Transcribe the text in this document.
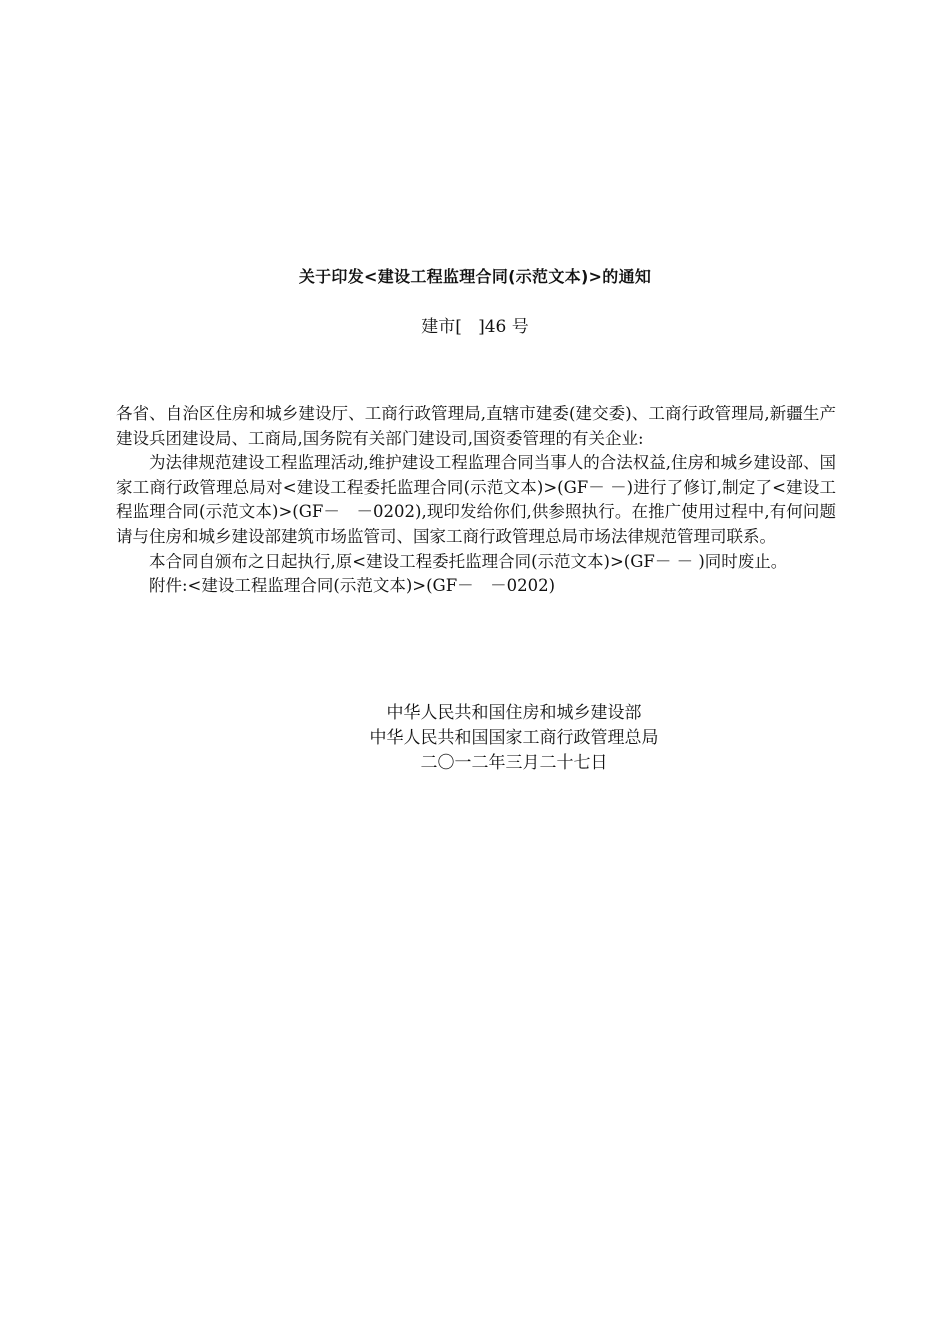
关于印发<建设工程监理合同(示范文本)>的通知
建市[   ]46 号

各省、自治区住房和城乡建设厅、工商行政管理局,直辖市建委(建交委)、工商行政管理局,新疆生产建设兵团建设局、工商局,国务院有关部门建设司,国资委管理的有关企业:

为法律规范建设工程监理活动,维护建设工程监理合同当事人的合法权益,住房和城乡建设部、国家工商行政管理总局对<建设工程委托监理合同(示范文本)>(GF－ －)进行了修订,制定了<建设工程监理合同(示范文本)>(GF－　－0202),现印发给你们,供参照执行。在推广使用过程中,有何问题请与住房和城乡建设部建筑市场监管司、国家工商行政管理总局市场法律规范管理司联系。

本合同自颁布之日起执行,原<建设工程委托监理合同(示范文本)>(GF－ － )同时废止。

附件:<建设工程监理合同(示范文本)>(GF－　－0202)

中华人民共和国住房和城乡建设部
中华人民共和国国家工商行政管理总局
二〇一二年三月二十七日
